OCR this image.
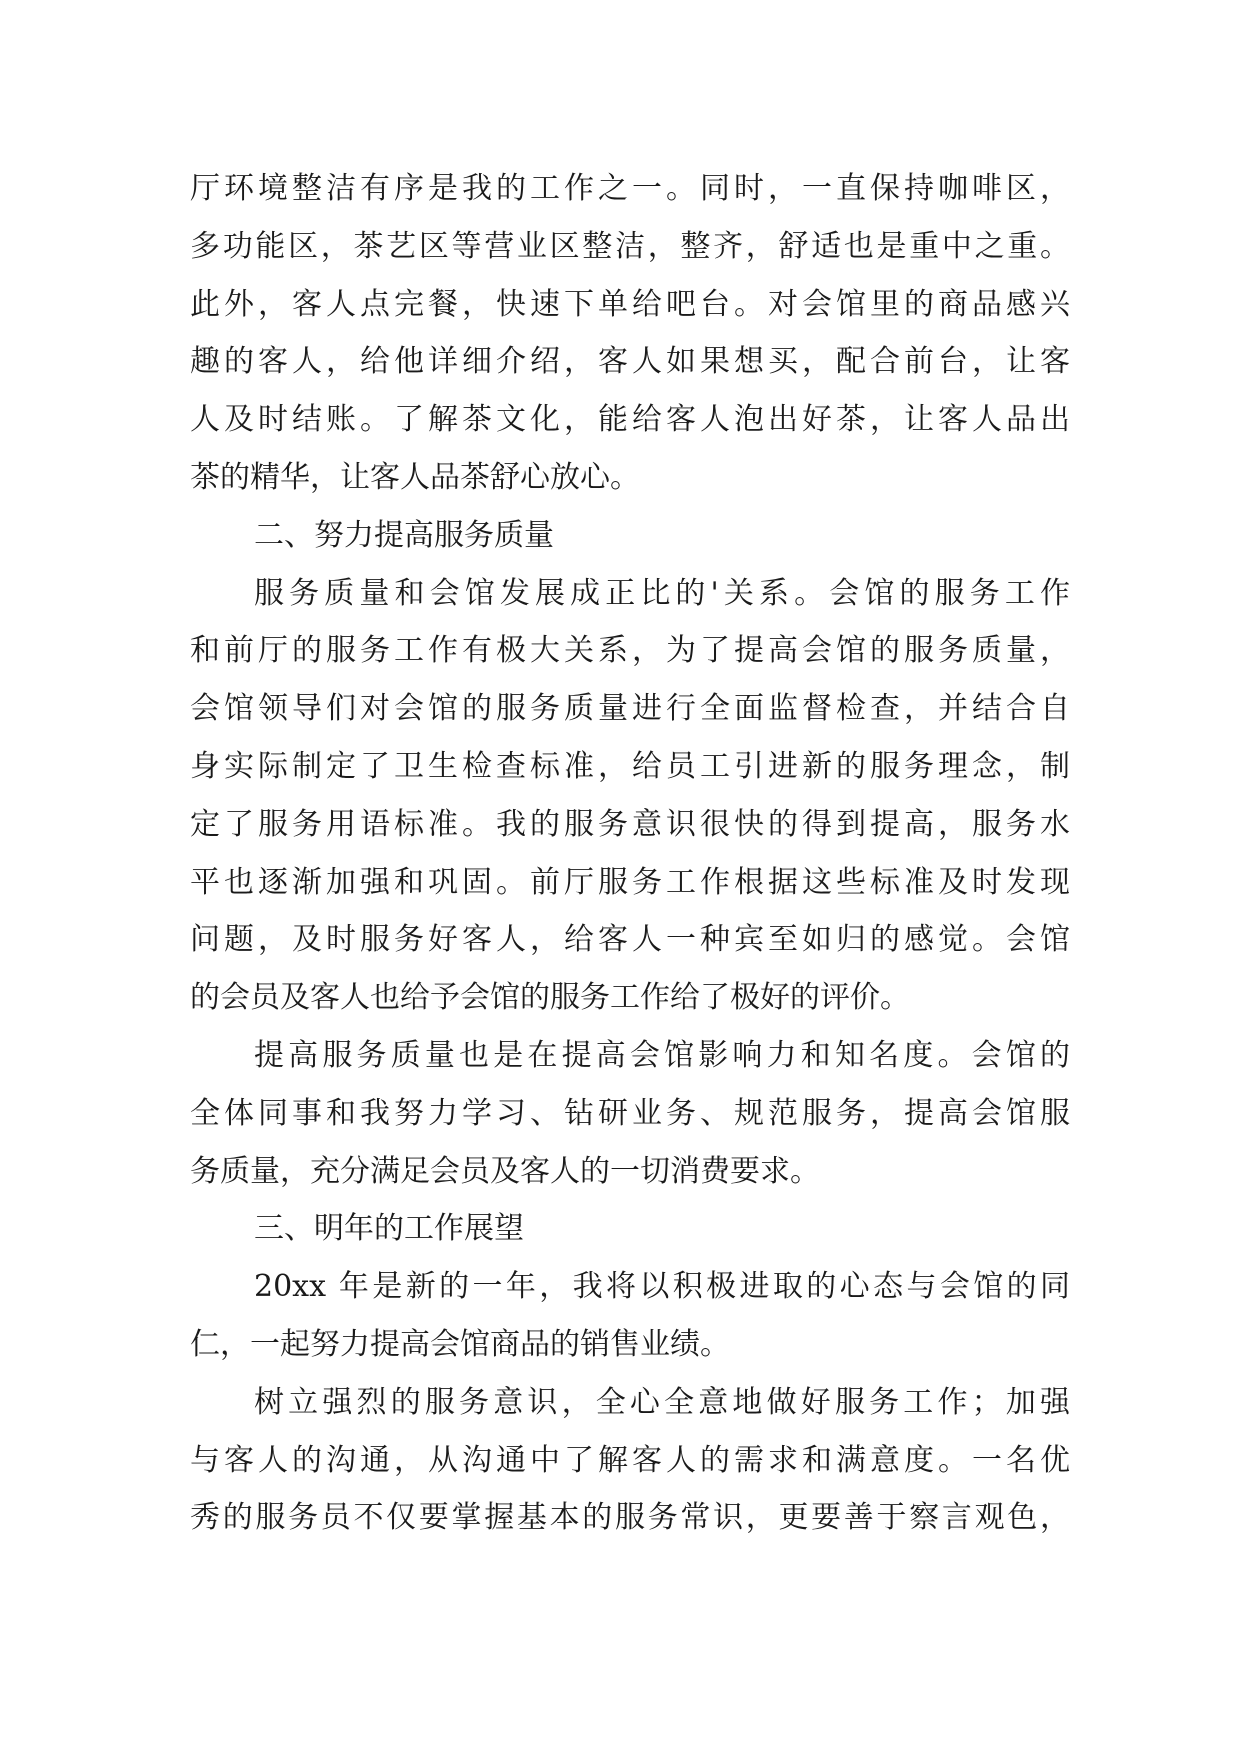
厅环境整洁有序是我的工作之一。同时，一直保持咖啡区，
多功能区，茶艺区等营业区整洁，整齐，舒适也是重中之重。
此外，客人点完餐，快速下单给吧台。对会馆里的商品感兴
趣的客人，给他详细介绍，客人如果想买，配合前台，让客
人及时结账。了解茶文化，能给客人泡出好茶，让客人品出
茶的精华，让客人品茶舒心放心。
二、努力提高服务质量
服务质量和会馆发展成正比的'关系。会馆的服务工作
和前厅的服务工作有极大关系，为了提高会馆的服务质量，
会馆领导们对会馆的服务质量进行全面监督检查，并结合自
身实际制定了卫生检查标准，给员工引进新的服务理念，制
定了服务用语标准。我的服务意识很快的得到提高，服务水
平也逐渐加强和巩固。前厅服务工作根据这些标准及时发现
问题，及时服务好客人，给客人一种宾至如归的感觉。会馆
的会员及客人也给予会馆的服务工作给了极好的评价。
提高服务质量也是在提高会馆影响力和知名度。会馆的
全体同事和我努力学习、钻研业务、规范服务，提高会馆服
务质量，充分满足会员及客人的一切消费要求。
三、明年的工作展望
20xx 年是新的一年，我将以积极进取的心态与会馆的同
仁，一起努力提高会馆商品的销售业绩。
树立强烈的服务意识，全心全意地做好服务工作；加强
与客人的沟通，从沟通中了解客人的需求和满意度。一名优
秀的服务员不仅要掌握基本的服务常识，更要善于察言观色，
